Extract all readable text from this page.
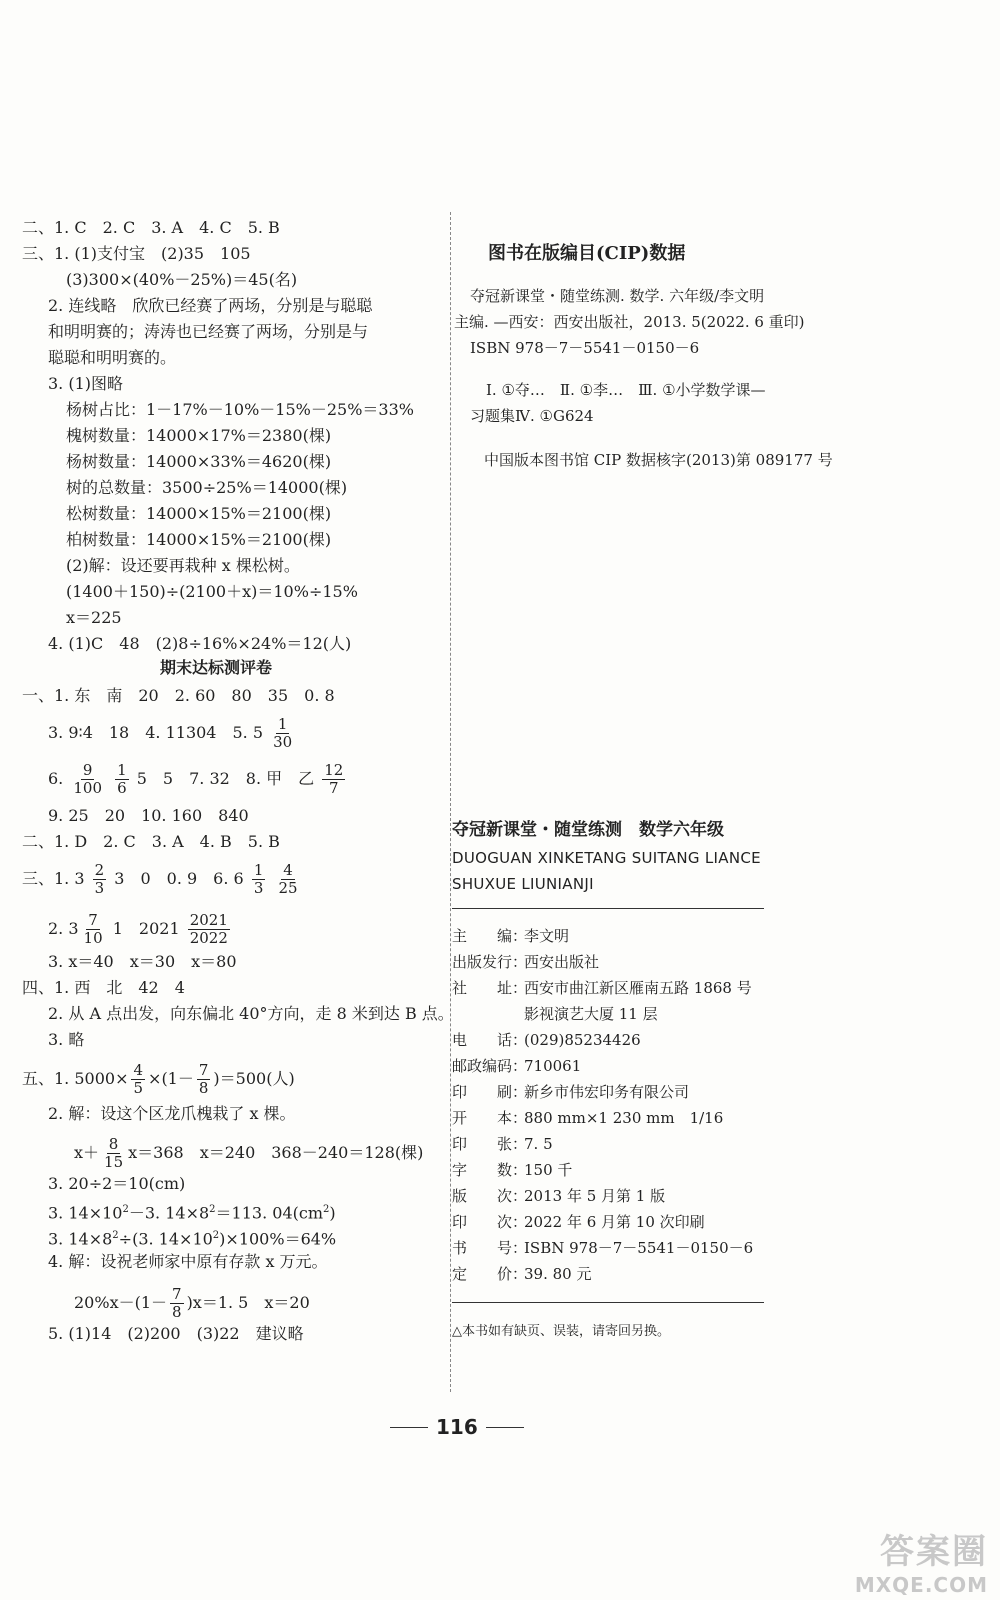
二、1. C　2. C　3. A　4. C　5. B
三、1. (1)支付宝　(2)35　105
(3)300×(40%－25%)＝45(名)
2. 连线略　欣欣已经赛了两场，分别是与聪聪
和明明赛的；涛涛也已经赛了两场，分别是与
聪聪和明明赛的。
3. (1)图略
杨树占比：1－17%－10%－15%－25%＝33%
槐树数量：14000×17%＝2380(棵)
杨树数量：14000×33%＝4620(棵)
树的总数量：3500÷25%＝14000(棵)
松树数量：14000×15%＝2100(棵)
柏树数量：14000×15%＝2100(棵)
(2)解：设还要再栽种 x 棵松树。
(1400＋150)÷(2100＋x)＝10%÷15%
x＝225
4. (1)C　48　(2)8÷16%×24%＝12(人)
期末达标测评卷
一、1. 东　南　20　2. 60　80　35　0. 8
3. 9∶4　18　4. 11304　5. $5 \frac{1}{30}$
6. $\frac{9}{100}$
$\frac{1}{6} 5$　5　7. 32　8. 甲　乙 $\frac{12}{7}$
9. 25　20　10. 160　840
二、1. D　2. C　3. A　4. B　5. B
三、1. $3 \frac{2}{3} 3$　0　0. 9　6. $6 \frac{1}{3}$
$\frac{4}{25}$
2. $3 \frac{7}{10} 1$　$2021 \frac{2021}{2022}$
3. x＝40　x＝30　x＝80
四、1. 西　北　42　4
2. 从 A 点出发，向东偏北 40°方向，走 8 米到达 B 点。
3. 略
五、1. $5000\times \frac{4}{5} \times(1- \frac{7}{8} )=500$(人)
2. 解：设这个区龙爪槐栽了 x 棵。
$x+ \frac{8}{15} x=368$　x＝240　368－240＝128(棵)
3. 20÷2＝10(cm)
3. $14\times 10^2-3$. $14\times 8^2=113$. $04(cm^2)$
3. $14\times 8^2\div(3$. $14\times 10^2)\times 100\%=64\%$
4. 解：设祝老师家中原有存款 x 万元。
$20\%x-(1- \frac{7}{8} )x=1$. 5　x＝20
5. (1)14　(2)200　(3)22　建议略
图书在版编目(CIP)数据
夺冠新课堂・随堂练测. 数学. 六年级/李文明
主编. —西安：西安出版社，2013. 5(2022. 6 重印)
ISBN 978－7－5541－0150－6
Ⅰ. ①夺…　Ⅱ. ①李…　Ⅲ. ①小学数学课—
习题集Ⅳ. ①G624
中国版本图书馆 CIP 数据核字(2013)第 089177 号
夺冠新课堂・随堂练测　数学六年级
DUOGUAN XINKETANG SUITANG LIANCE
SHUXUE LIUNIANJI
主　　编：李文明
出版发行：西安出版社
社　　址：西安市曲江新区雁南五路 1868 号
影视演艺大厦 11 层
电　　话：(029)85234426
邮政编码：710061
印　　刷：新乡市伟宏印务有限公司
开　　本：880 mm×1 230 mm　1/16
印　　张：7. 5
字　　数：150 千
版　　次：2013 年 5 月第 1 版
印　　次：2022 年 6 月第 10 次印刷
书　　号：ISBN 978－7－5541－0150－6
定　　价：39. 80 元
△本书如有缺页、误装，请寄回另换。
116
答案圈
MXQE.COM
